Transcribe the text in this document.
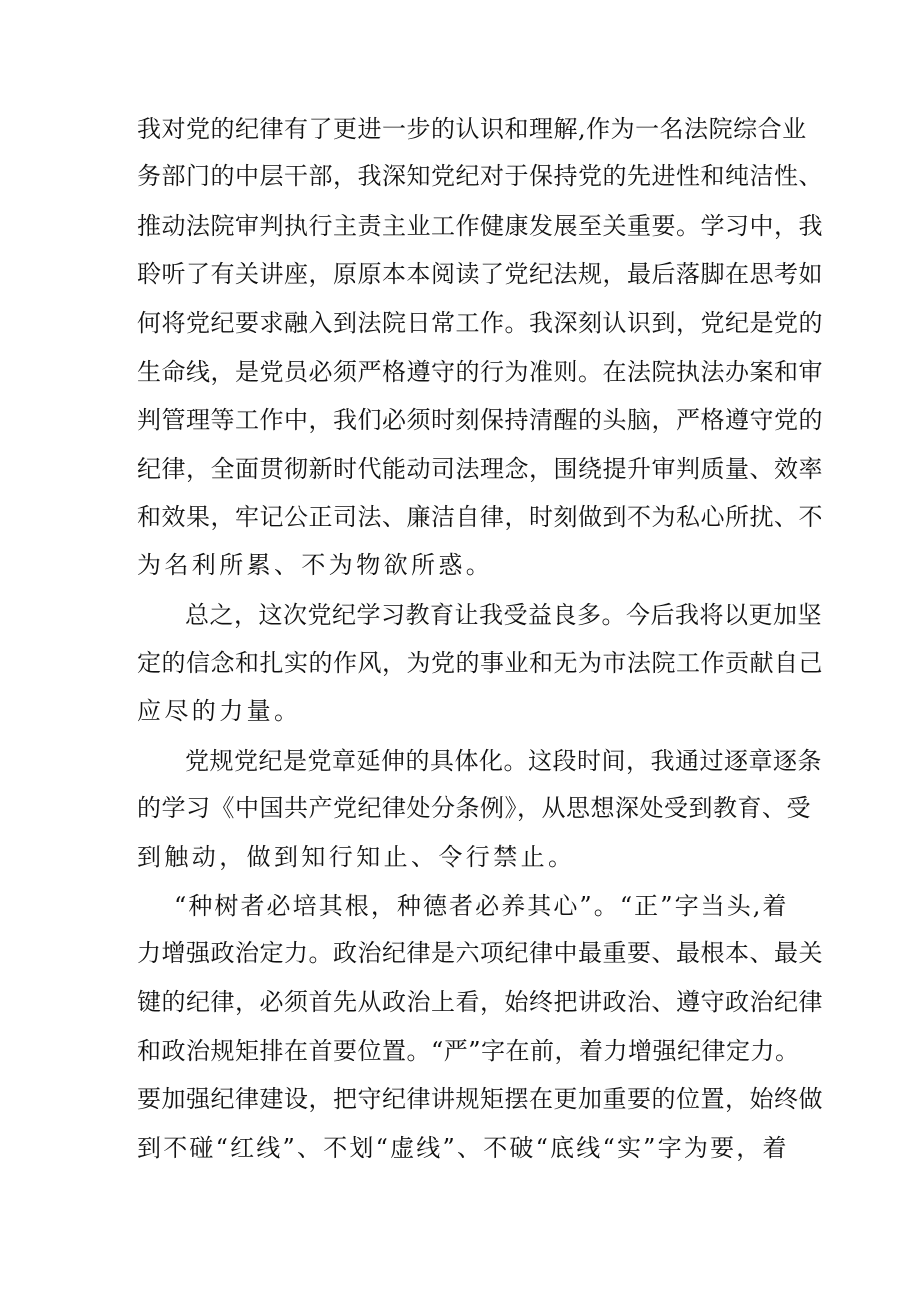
我对党的纪律有了更进一步的认识和理解,作为一名法院综合业
务部门的中层干部，我深知党纪对于保持党的先进性和纯洁性、
推动法院审判执行主责主业工作健康发展至关重要。学习中，我
聆听了有关讲座，原原本本阅读了党纪法规，最后落脚在思考如
何将党纪要求融入到法院日常工作。我深刻认识到，党纪是党的
生命线，是党员必须严格遵守的行为准则。在法院执法办案和审
判管理等工作中，我们必须时刻保持清醒的头脑，严格遵守党的
纪律，全面贯彻新时代能动司法理念，围绕提升审判质量、效率
和效果，牢记公正司法、廉洁自律，时刻做到不为私心所扰、不
为名利所累、不为物欲所惑。
总之，这次党纪学习教育让我受益良多。今后我将以更加坚
定的信念和扎实的作风，为党的事业和无为市法院工作贡献自己
应尽的力量。
党规党纪是党章延伸的具体化。这段时间，我通过逐章逐条
的学习《中国共产党纪律处分条例》，从思想深处受到教育、受
到触动，做到知行知止、令行禁止。
“种树者必培其根，种德者必养其心”。“正”字当头,着
力增强政治定力。政治纪律是六项纪律中最重要、最根本、最关
键的纪律，必须首先从政治上看，始终把讲政治、遵守政治纪律
和政治规矩排在首要位置。“严”字在前，着力增强纪律定力。
要加强纪律建设，把守纪律讲规矩摆在更加重要的位置，始终做
到不碰“红线”、不划“虚线”、不破“底线“实”字为要，着
